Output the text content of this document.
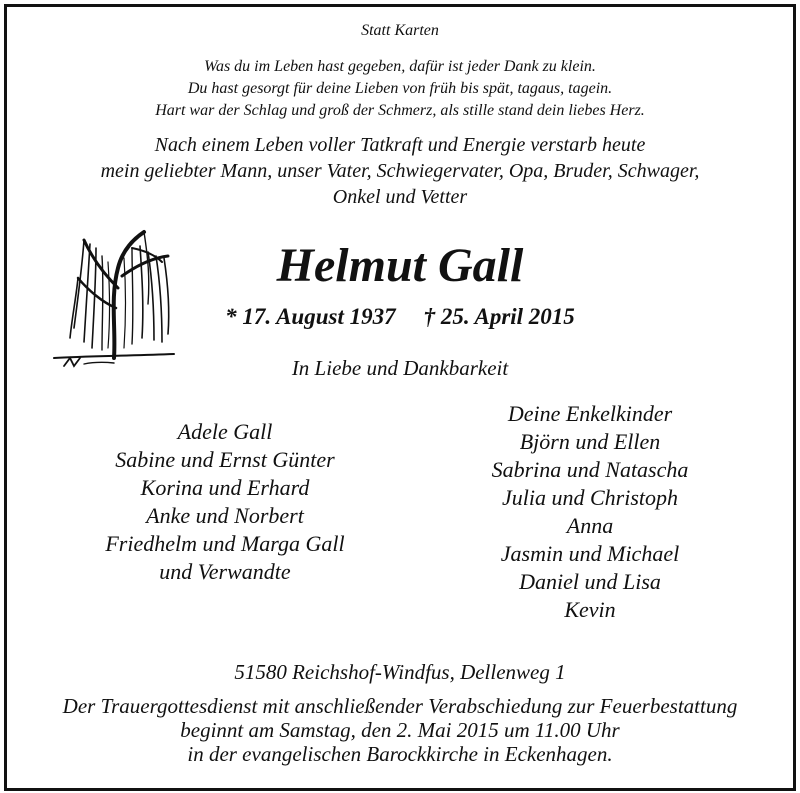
Statt Karten
Was du im Leben hast gegeben, dafür ist jeder Dank zu klein.
Du hast gesorgt für deine Lieben von früh bis spät, tagaus, tagein.
Hart war der Schlag und groß der Schmerz, als stille stand dein liebes Herz.
Nach einem Leben voller Tatkraft und Energie verstarb heute
mein geliebter Mann, unser Vater, Schwiegervater, Opa, Bruder, Schwager,
Onkel und Vetter
Helmut Gall
* 17. August 1937 † 25. April 2015
In Liebe und Dankbarkeit
Adele Gall
Sabine und Ernst Günter
Korina und Erhard
Anke und Norbert
Friedhelm und Marga Gall
und Verwandte
Deine Enkelkinder
Björn und Ellen
Sabrina und Natascha
Julia und Christoph
Anna
Jasmin und Michael
Daniel und Lisa
Kevin
51580 Reichshof-Windfus, Dellenweg 1
Der Trauergottesdienst mit anschließender Verabschiedung zur Feuerbestattung
beginnt am Samstag, den 2. Mai 2015 um 11.00 Uhr
in der evangelischen Barockkirche in Eckenhagen.
